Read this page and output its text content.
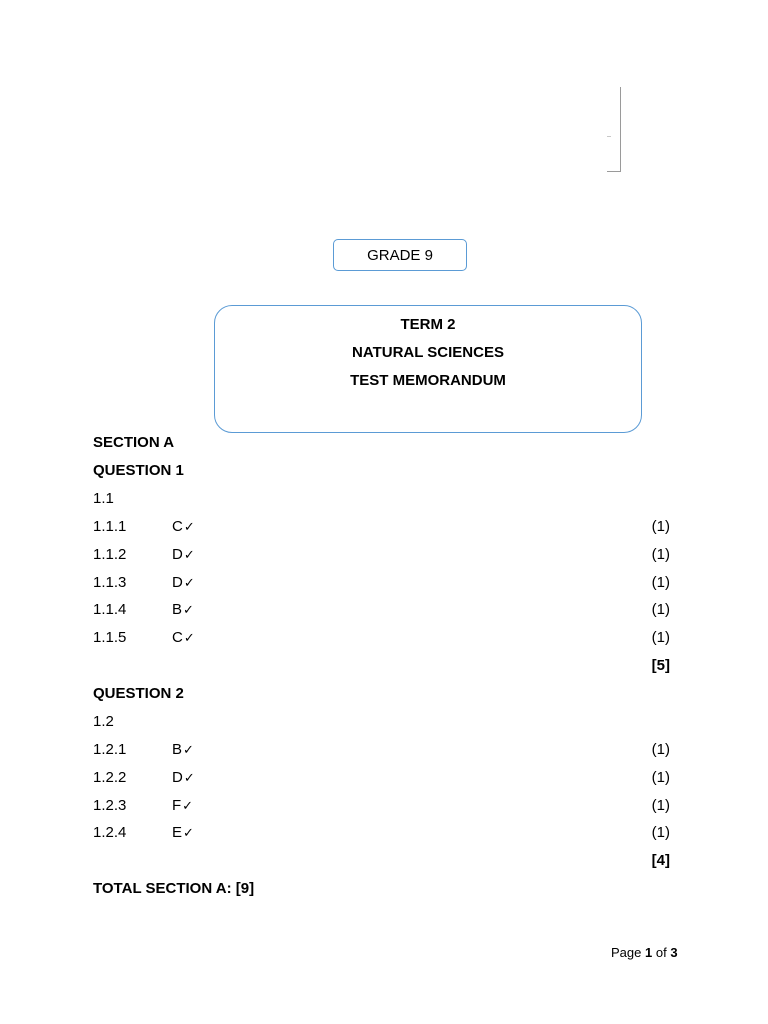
GRADE 9
TERM 2
NATURAL SCIENCES
TEST MEMORANDUM
SECTION A
QUESTION 1
1.1
1.1.1	C✓	(1)
1.1.2	D✓	(1)
1.1.3	D✓	(1)
1.1.4	B✓	(1)
1.1.5	C✓	(1)
[5]
QUESTION 2
1.2
1.2.1	B✓	(1)
1.2.2	D✓	(1)
1.2.3	F✓	(1)
1.2.4	E✓	(1)
[4]
TOTAL SECTION A: [9]
Page 1 of 3
